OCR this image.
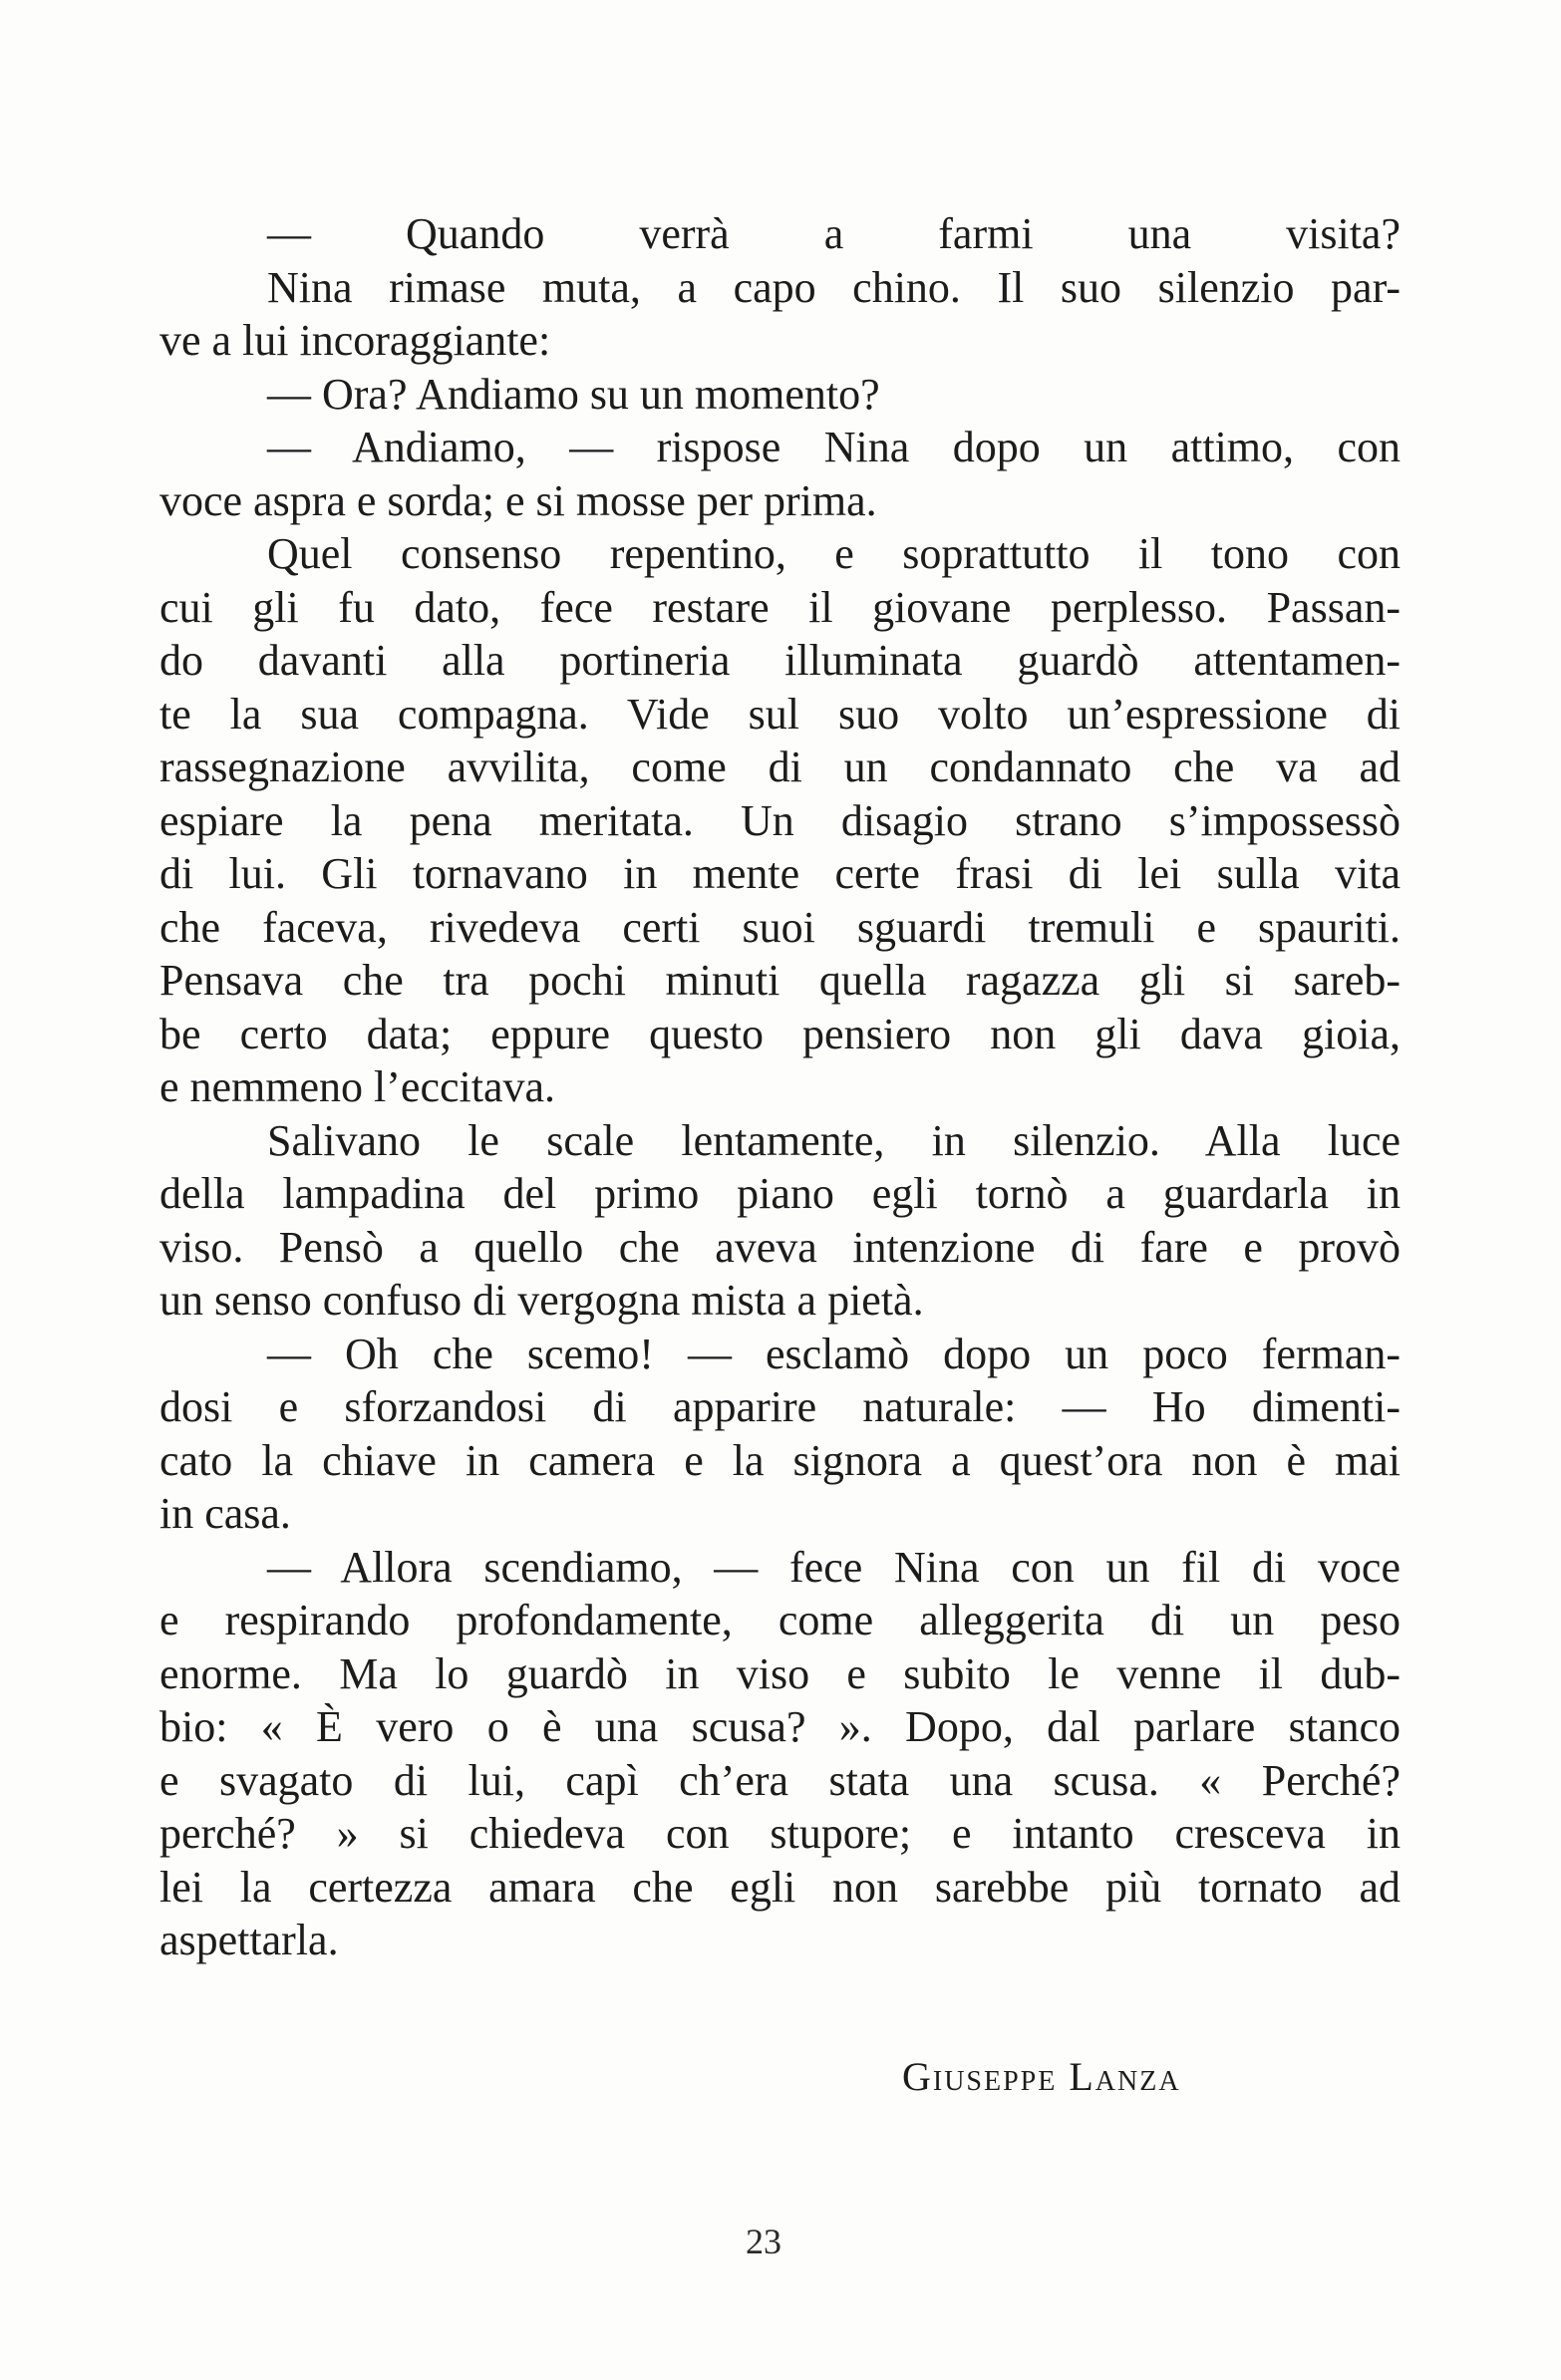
— Quando verrà a farmi una visita?
Nina rimase muta, a capo chino. Il suo silenzio par-
ve a lui incoraggiante:
— Ora? Andiamo su un momento?
— Andiamo, — rispose Nina dopo un attimo, con
voce aspra e sorda; e si mosse per prima.
Quel consenso repentino, e soprattutto il tono con
cui gli fu dato, fece restare il giovane perplesso. Passan-
do davanti alla portineria illuminata guardò attentamen-
te la sua compagna. Vide sul suo volto un’espressione di
rassegnazione avvilita, come di un condannato che va ad
espiare la pena meritata. Un disagio strano s’impossessò
di lui. Gli tornavano in mente certe frasi di lei sulla vita
che faceva, rivedeva certi suoi sguardi tremuli e spauriti.
Pensava che tra pochi minuti quella ragazza gli si sareb-
be certo data; eppure questo pensiero non gli dava gioia,
e nemmeno l’eccitava.
Salivano le scale lentamente, in silenzio. Alla luce
della lampadina del primo piano egli tornò a guardarla in
viso. Pensò a quello che aveva intenzione di fare e provò
un senso confuso di vergogna mista a pietà.
— Oh che scemo! — esclamò dopo un poco ferman-
dosi e sforzandosi di apparire naturale: — Ho dimenti-
cato la chiave in camera e la signora a quest’ora non è mai
in casa.
— Allora scendiamo, — fece Nina con un fil di voce
e respirando profondamente, come alleggerita di un peso
enorme. Ma lo guardò in viso e subito le venne il dub-
bio: « È vero o è una scusa? ». Dopo, dal parlare stanco
e svagato di lui, capì ch’era stata una scusa. « Perché?
perché? » si chiedeva con stupore; e intanto cresceva in
lei la certezza amara che egli non sarebbe più tornato ad
aspettarla.
Giuseppe Lanza
23
